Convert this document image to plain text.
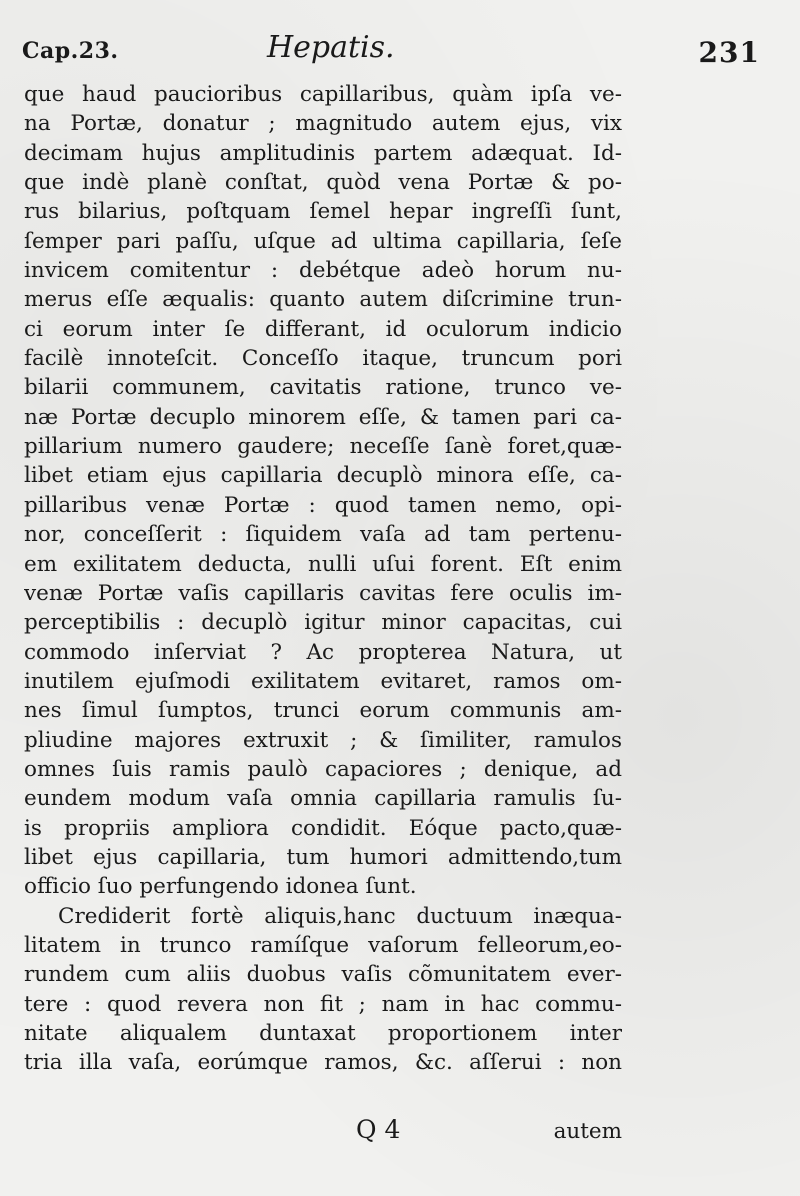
Cap.23.	Hepatis.	231
que haud paucioribus capillaribus, quàm ipſa ve-
na Portæ, donatur ; magnitudo autem ejus, vix
decimam hujus amplitudinis partem adæquat. Id-
que indè planè conſtat, quòd vena Portæ & po-
rus bilarius, poſtquam ſemel hepar ingreſſi ſunt,
ſemper pari paſſu, uſque ad ultima capillaria, ſeſe
invicem comitentur : debétque adeò horum nu-
merus eſſe æqualis: quanto autem diſcrimine trun-
ci eorum inter ſe differant, id oculorum indicio
facilè innoteſcit. Conceſſo itaque, truncum pori
bilarii communem, cavitatis ratione, trunco ve-
næ Portæ decuplo minorem eſſe, & tamen pari ca-
pillarium numero gaudere; neceſſe ſanè foret,quæ-
libet etiam ejus capillaria decuplò minora eſſe, ca-
pillaribus venæ Portæ : quod tamen nemo, opi-
nor, conceſſerit : ſiquidem vaſa ad tam pertenu-
em exilitatem deducta, nulli uſui forent. Eſt enim
venæ Portæ vaſis capillaris cavitas fere oculis im-
perceptibilis : decuplò igitur minor capacitas, cui
commodo inſerviat ? Ac propterea Natura, ut
inutilem ejuſmodi exilitatem evitaret, ramos om-
nes ſimul ſumptos, trunci eorum communis am-
pliudine majores extruxit ; & ſimiliter, ramulos
omnes ſuis ramis paulò capaciores ; denique, ad
eundem modum vaſa omnia capillaria ramulis ſu-
is propriis ampliora condidit. Eóque pacto,quæ-
libet ejus capillaria, tum humori admittendo,tum
officio ſuo perfungendo idonea ſunt.
Crediderit fortè aliquis,hanc ductuum inæqua-
litatem in trunco ramíſque vaſorum felleorum,eo-
rundem cum aliis duobus vaſis cõmunitatem ever-
tere : quod revera non fit ; nam in hac commu-
nitate aliqualem duntaxat proportionem inter
tria illa vaſa, eorúmque ramos, &c. aſſerui : non
Q 4	autem
